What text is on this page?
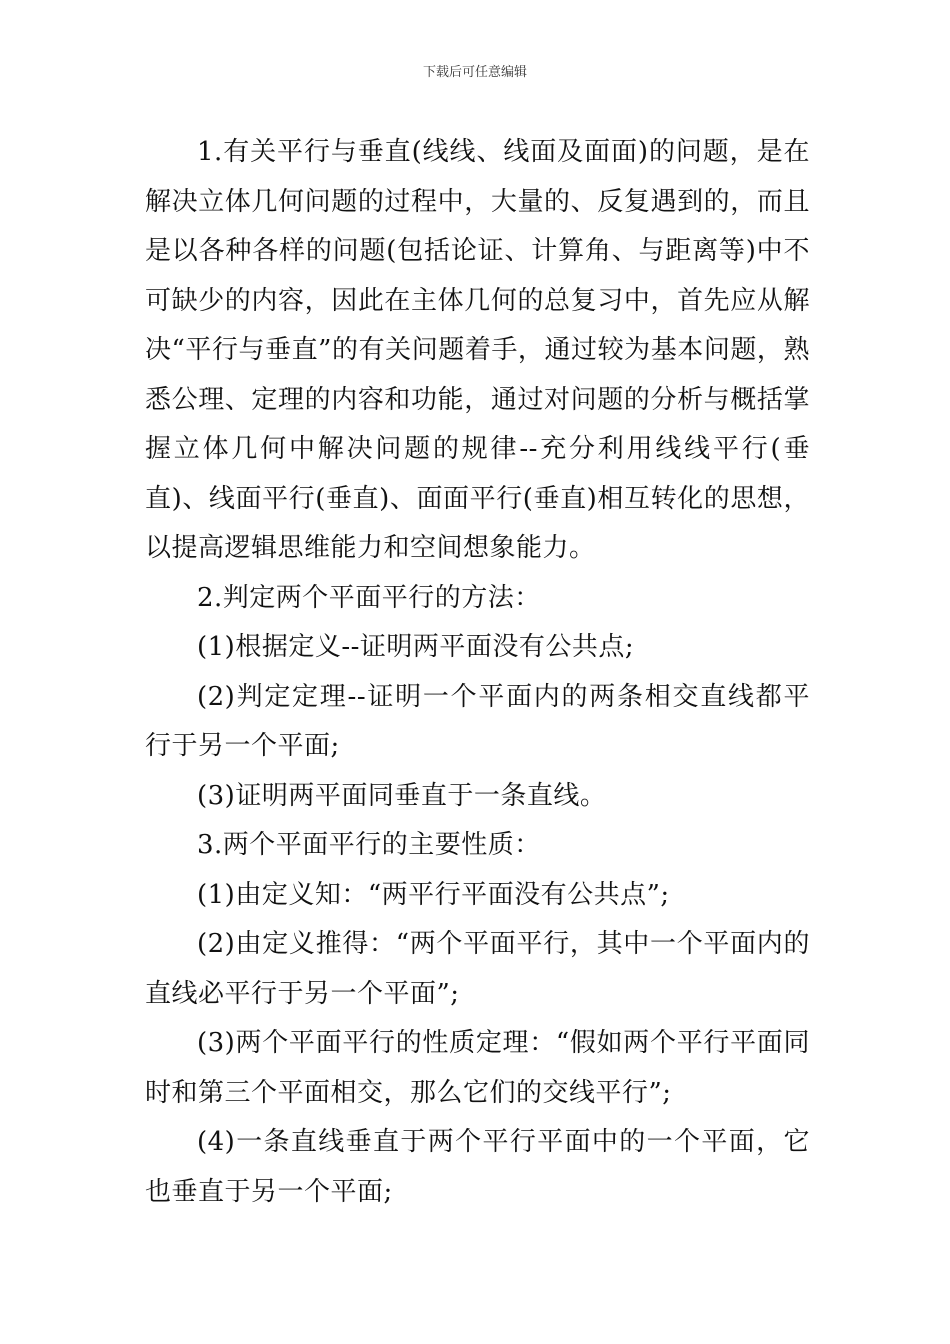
下载后可任意编辑

1.有关平行与垂直(线线、线面及面面)的问题，是在解决立体几何问题的过程中，大量的、反复遇到的，而且是以各种各样的问题(包括论证、计算角、与距离等)中不可缺少的内容，因此在主体几何的总复习中，首先应从解决“平行与垂直”的有关问题着手，通过较为基本问题，熟悉公理、定理的内容和功能，通过对问题的分析与概括掌握立体几何中解决问题的规律--充分利用线线平行(垂直)、线面平行(垂直)、面面平行(垂直)相互转化的思想，以提高逻辑思维能力和空间想象能力。

2.判定两个平面平行的方法：

(1)根据定义--证明两平面没有公共点;

(2)判定定理--证明一个平面内的两条相交直线都平行于另一个平面;

(3)证明两平面同垂直于一条直线。

3.两个平面平行的主要性质：

(1)由定义知：“两平行平面没有公共点”;

(2)由定义推得：“两个平面平行，其中一个平面内的直线必平行于另一个平面”;

(3)两个平面平行的性质定理：“假如两个平行平面同时和第三个平面相交，那么它们的交线平行”;

(4)一条直线垂直于两个平行平面中的一个平面，它也垂直于另一个平面;
